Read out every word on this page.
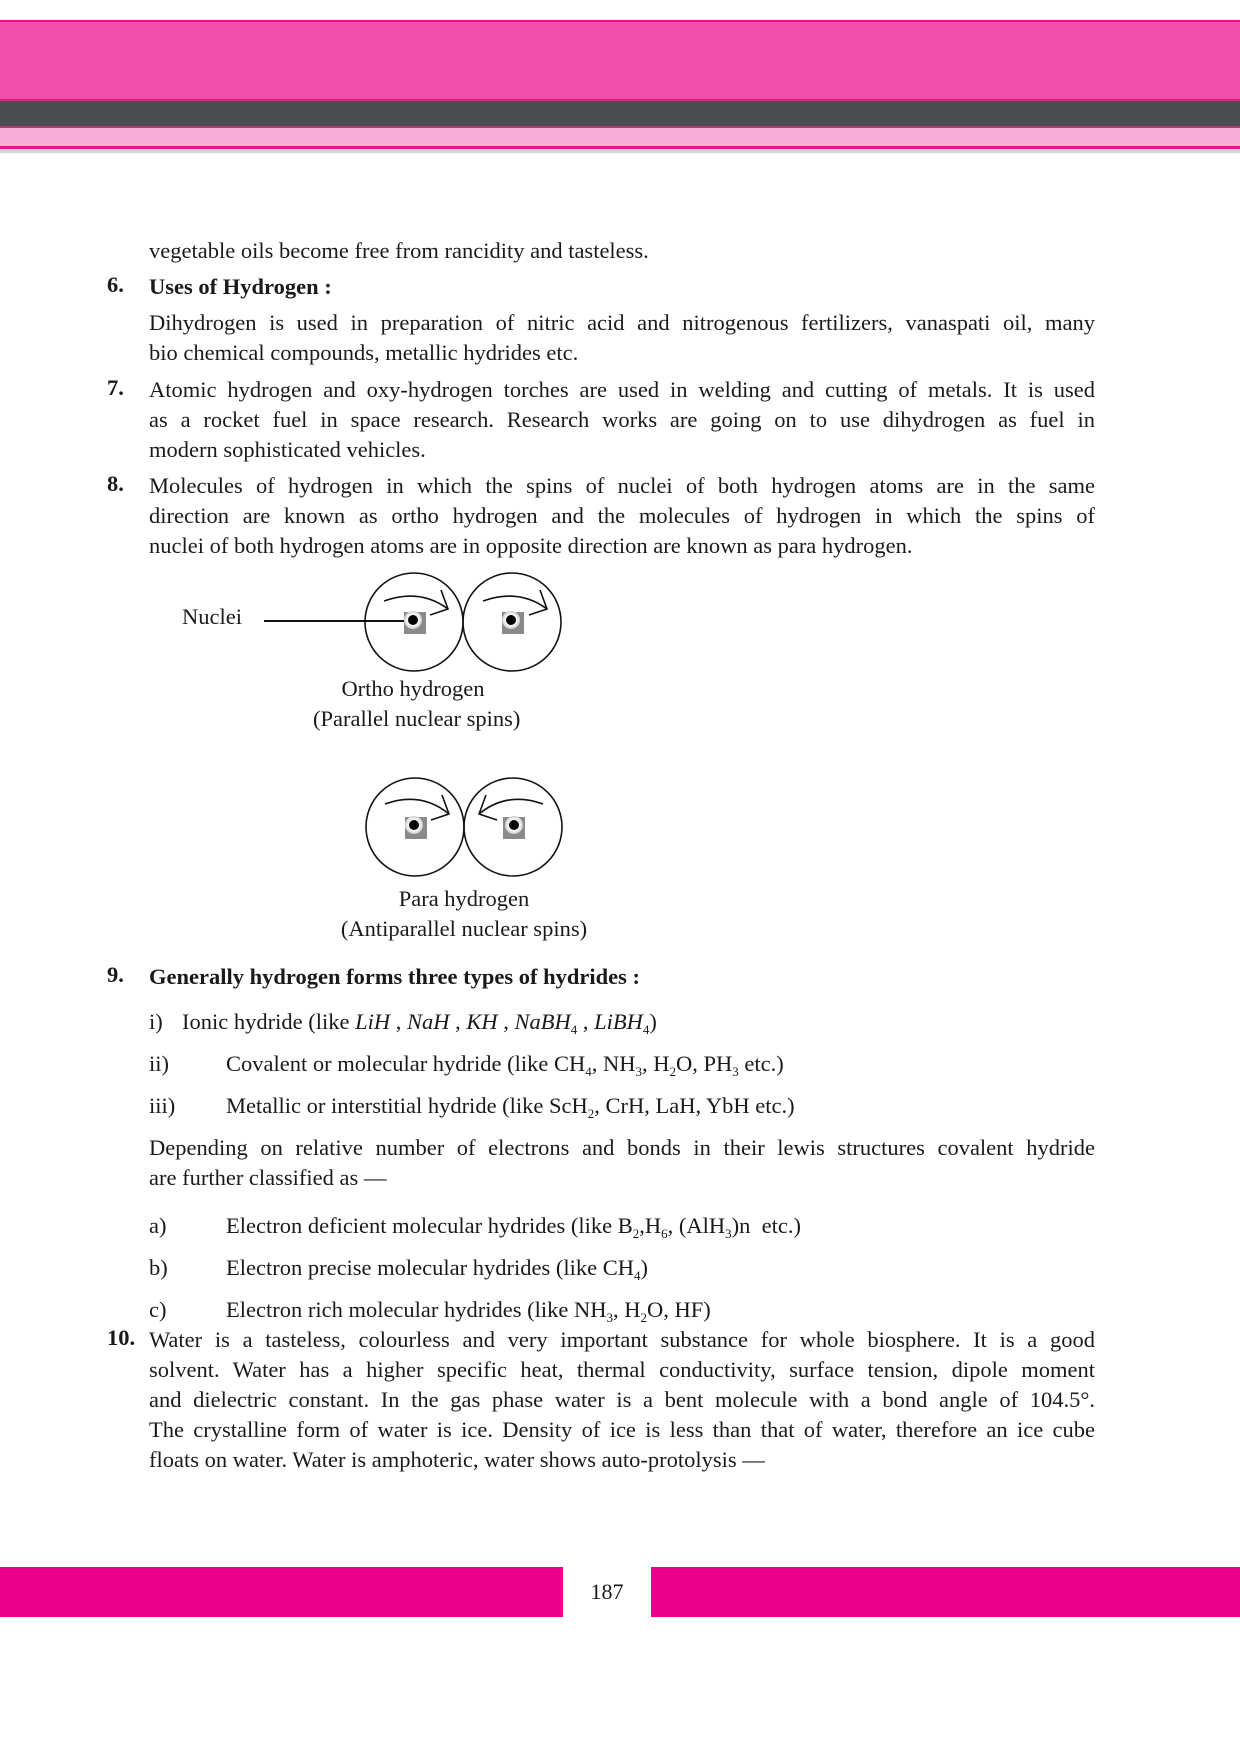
vegetable oils become free from rancidity and tasteless.
6. Uses of Hydrogen :
Dihydrogen is used in preparation of nitric acid and nitrogenous fertilizers, vanaspati oil, many
bio chemical compounds, metallic hydrides etc.
7. Atomic hydrogen and oxy-hydrogen torches are used in welding and cutting of metals. It is used
as a rocket fuel in space research. Research works are going on to use dihydrogen as fuel in
modern sophisticated vehicles.
8. Molecules of hydrogen in which the spins of nuclei of both hydrogen atoms are in the same
direction are known as ortho hydrogen and the molecules of hydrogen in which the spins of
nuclei of both hydrogen atoms are in opposite direction are known as para hydrogen.
Nuclei
Ortho hydrogen
(Parallel nuclear spins)
Para hydrogen
(Antiparallel nuclear spins)
9. Generally hydrogen forms three types of hydrides :
i) Ionic hydride (like LiH , NaH , KH , NaBH$_4$ , LiBH$_4$)
ii)	Covalent or molecular hydride (like $CH_4$, $NH_3$, $H_2O$, $PH_3$ etc.)
iii) Metallic or interstitial hydride (like ScH$_2$, CrH, LaH, YbH etc.)
Depending on relative number of electrons and bonds in their lewis structures covalent hydride
are further classified as —
a)	Electron deficient molecular hydrides (like $B_2,H_6$, (AlH$_3$)n  etc.)
b)	Electron precise molecular hydrides (like $CH_4$)
c)	Electron rich molecular hydrides (like $NH_3$, $H_2O$, HF)
10. Water is a tasteless, colourless and very important substance for whole biosphere. It is a good
solvent. Water has a higher specific heat, thermal conductivity, surface tension, dipole moment
and dielectric constant. In the gas phase water is a bent molecule with a bond angle of 104.5°.
The crystalline form of water is ice. Density of ice is less than that of water, therefore an ice cube
floats on water. Water is amphoteric, water shows auto-protolysis —
187
